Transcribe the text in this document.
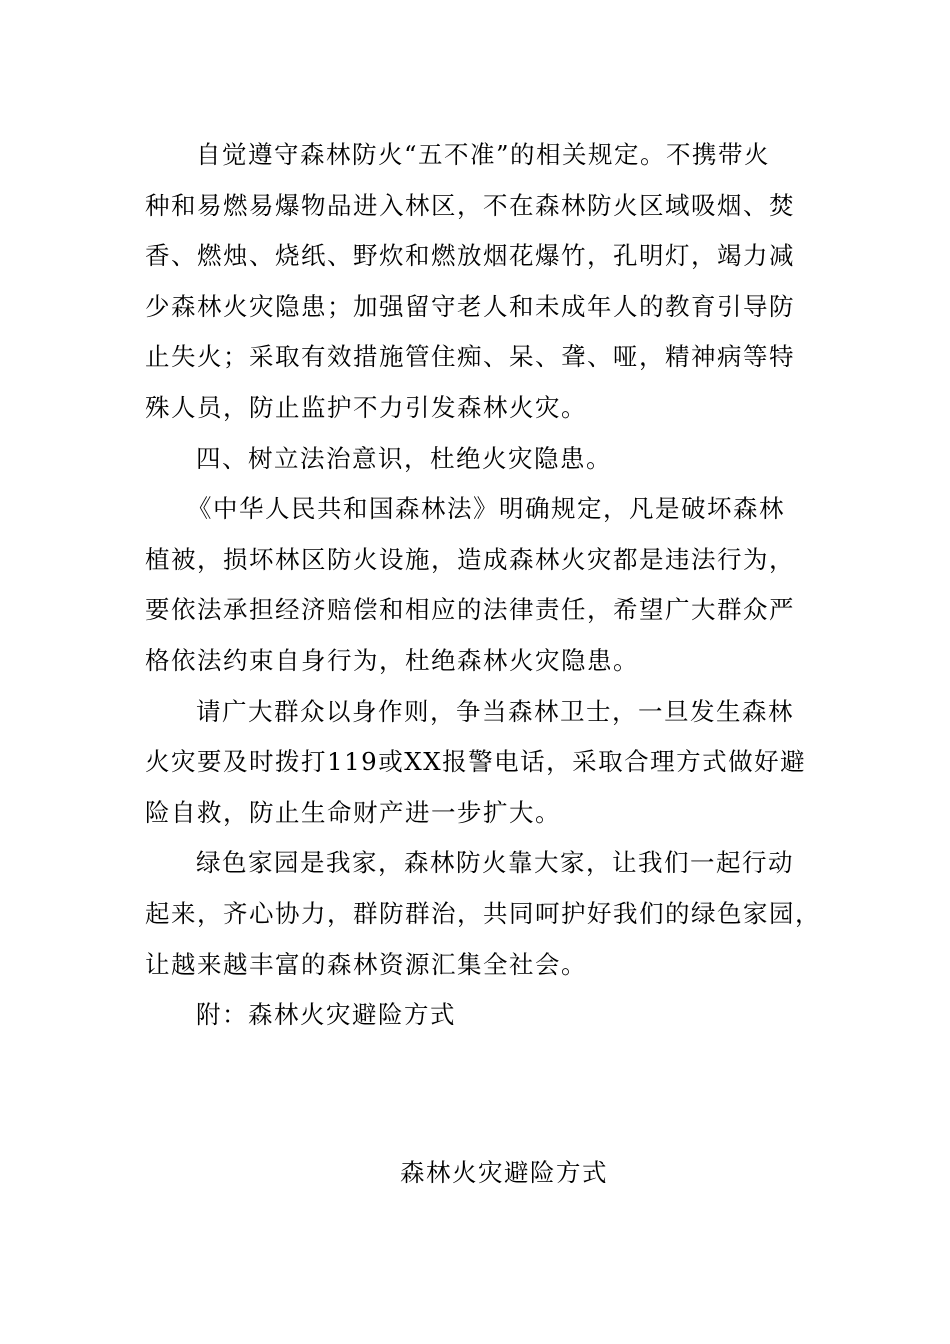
自觉遵守森林防火“五不准”的相关规定。不携带火

种和易燃易爆物品进入林区，不在森林防火区域吸烟、焚

香、燃烛、烧纸、野炊和燃放烟花爆竹，孔明灯，竭力减

少森林火灾隐患；加强留守老人和未成年人的教育引导防

止失火；采取有效措施管住痴、呆、聋、哑，精神病等特

殊人员，防止监护不力引发森林火灾。

四、树立法治意识，杜绝火灾隐患。

《中华人民共和国森林法》明确规定，凡是破坏森林

植被，损坏林区防火设施，造成森林火灾都是违法行为，

要依法承担经济赔偿和相应的法律责任，希望广大群众严

格依法约束自身行为，杜绝森林火灾隐患。

请广大群众以身作则，争当森林卫士，一旦发生森林

火灾要及时拨打119或XX报警电话，采取合理方式做好避

险自救，防止生命财产进一步扩大。

绿色家园是我家，森林防火靠大家，让我们一起行动

起来，齐心协力，群防群治，共同呵护好我们的绿色家园，

让越来越丰富的森林资源汇集全社会。

附：森林火灾避险方式

森林火灾避险方式
